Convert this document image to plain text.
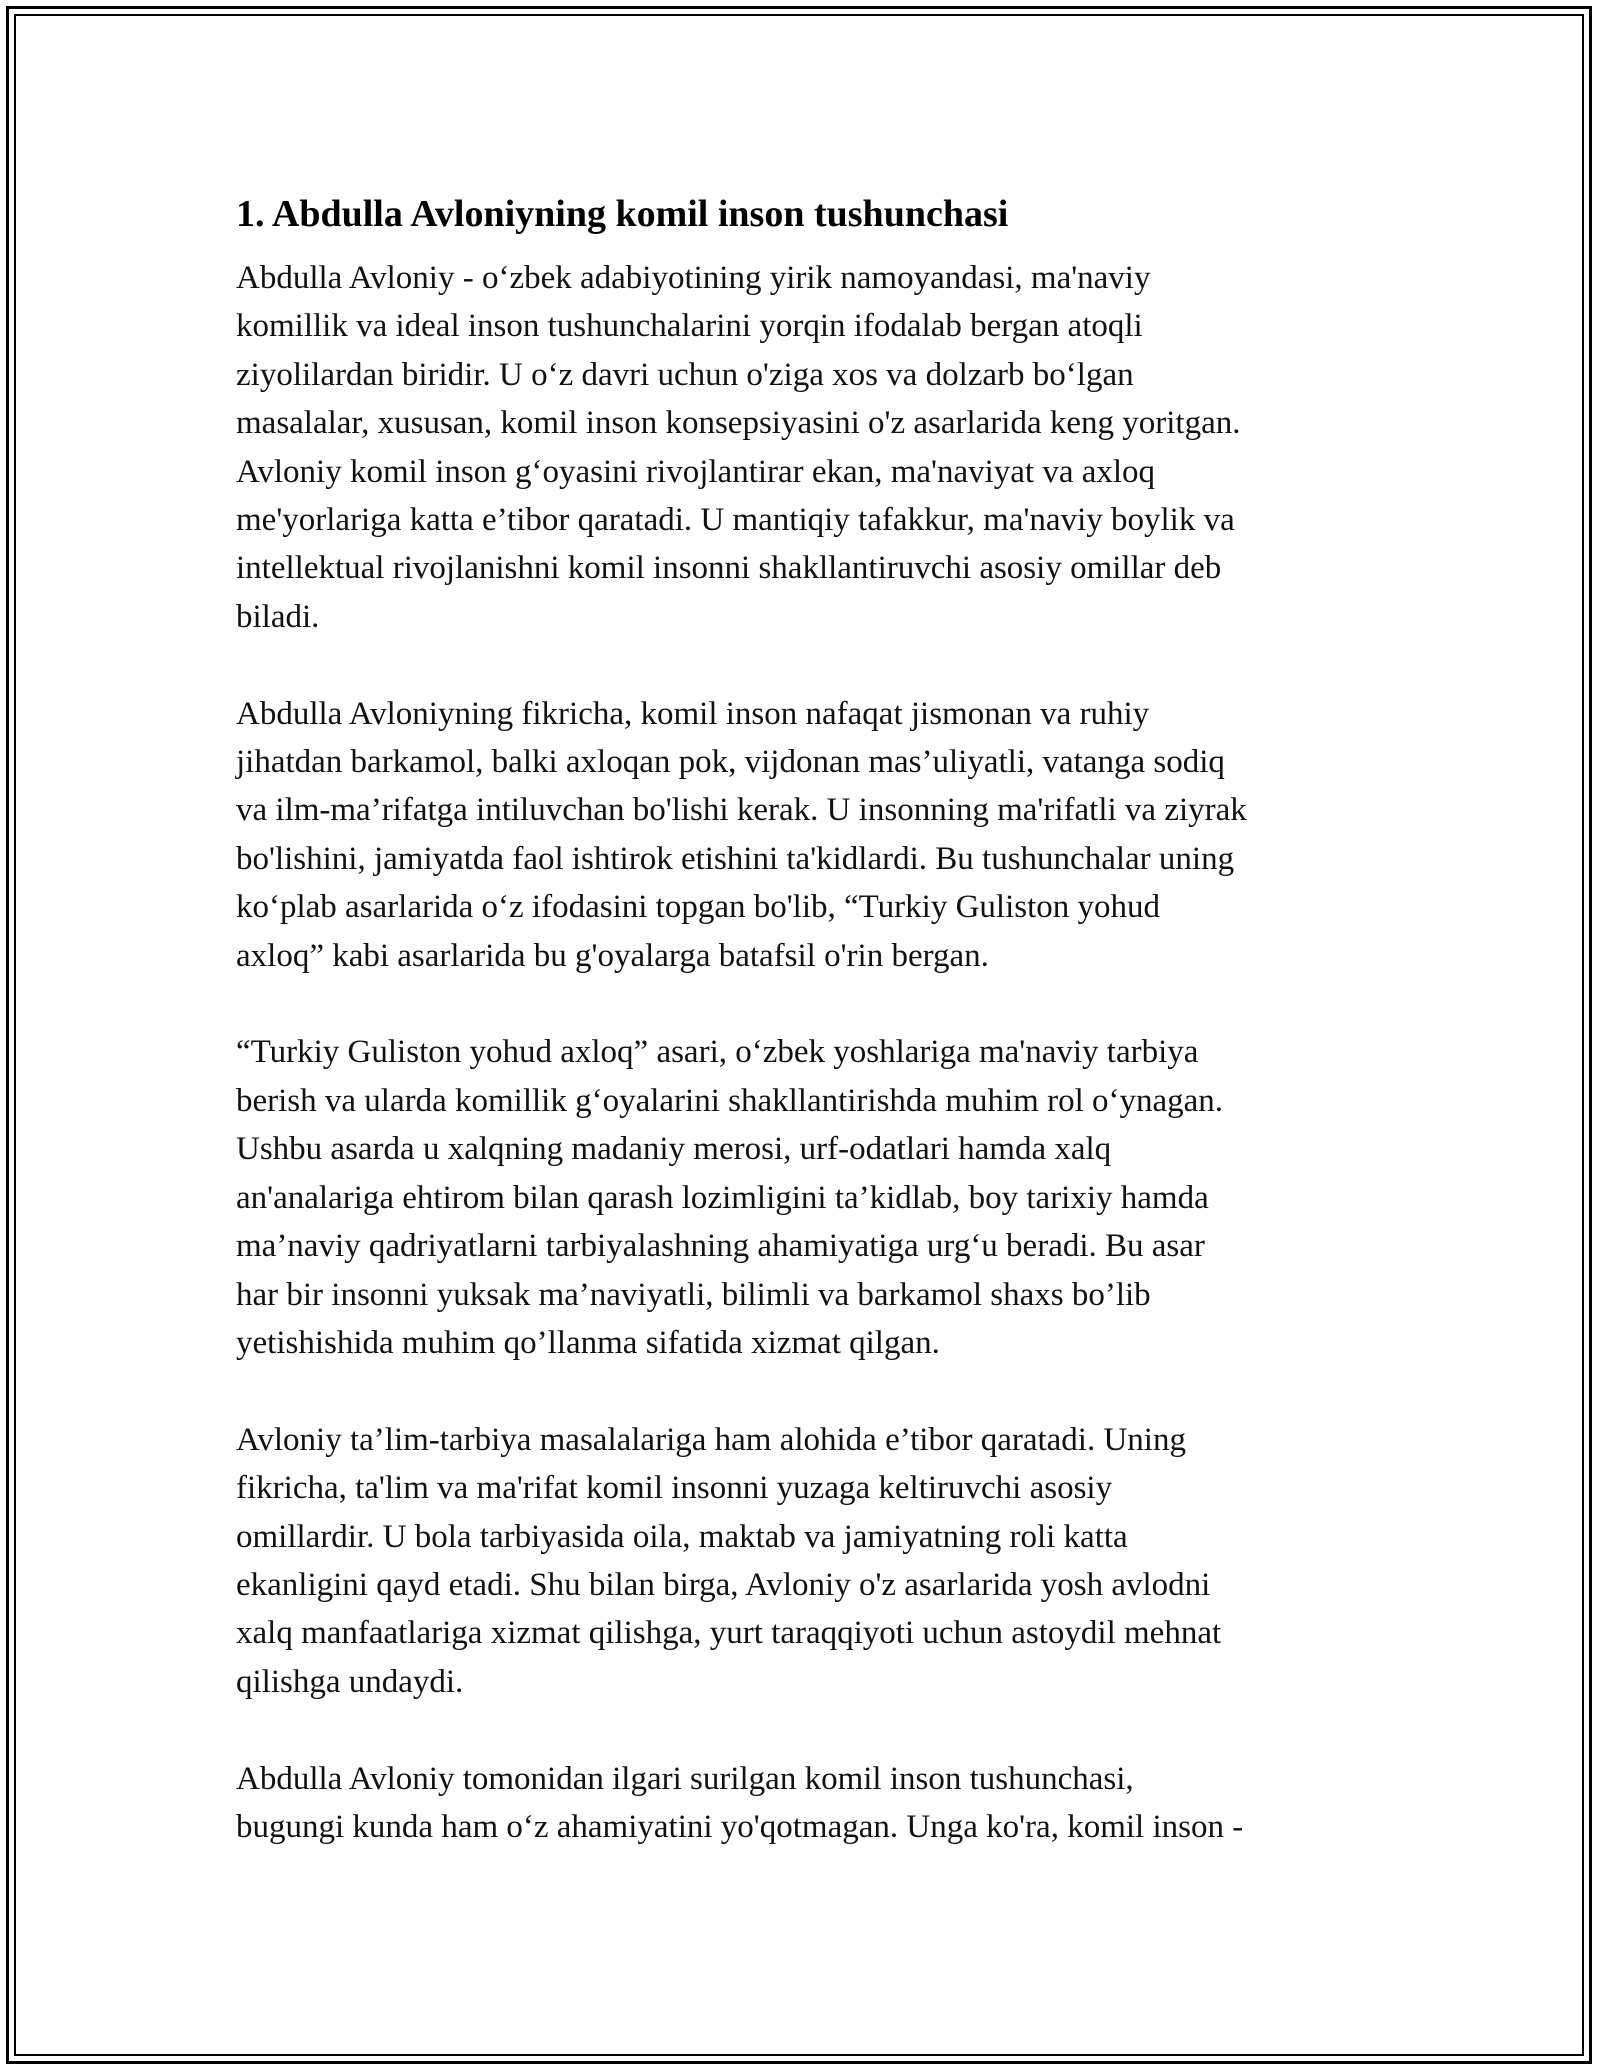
1. Abdulla Avloniyning komil inson tushunchasi

Abdulla Avloniy - o‘zbek adabiyotining yirik namoyandasi, ma'naviy
komillik va ideal inson tushunchalarini yorqin ifodalab bergan atoqli
ziyolilardan biridir. U o‘z davri uchun o'ziga xos va dolzarb bo‘lgan
masalalar, xususan, komil inson konsepsiyasini o'z asarlarida keng yoritgan.
Avloniy komil inson g‘oyasini rivojlantirar ekan, ma'naviyat va axloq
me'yorlariga katta e’tibor qaratadi. U mantiqiy tafakkur, ma'naviy boylik va
intellektual rivojlanishni komil insonni shakllantiruvchi asosiy omillar deb
biladi.

Abdulla Avloniyning fikricha, komil inson nafaqat jismonan va ruhiy
jihatdan barkamol, balki axloqan pok, vijdonan mas’uliyatli, vatanga sodiq
va ilm-ma’rifatga intiluvchan bo'lishi kerak. U insonning ma'rifatli va ziyrak
bo'lishini, jamiyatda faol ishtirok etishini ta'kidlardi. Bu tushunchalar uning
ko‘plab asarlarida o‘z ifodasini topgan bo'lib, “Turkiy Guliston yohud
axloq” kabi asarlarida bu g'oyalarga batafsil o'rin bergan.

“Turkiy Guliston yohud axloq” asari, o‘zbek yoshlariga ma'naviy tarbiya
berish va ularda komillik g‘oyalarini shakllantirishda muhim rol o‘ynagan.
Ushbu asarda u xalqning madaniy merosi, urf-odatlari hamda xalq
an'analariga ehtirom bilan qarash lozimligini ta’kidlab, boy tarixiy hamda
ma’naviy qadriyatlarni tarbiyalashning ahamiyatiga urg‘u beradi. Bu asar
har bir insonni yuksak ma’naviyatli, bilimli va barkamol shaxs bo’lib
yetishishida muhim qo’llanma sifatida xizmat qilgan.

Avloniy ta’lim-tarbiya masalalariga ham alohida e’tibor qaratadi. Uning
fikricha, ta'lim va ma'rifat komil insonni yuzaga keltiruvchi asosiy
omillardir. U bola tarbiyasida oila, maktab va jamiyatning roli katta
ekanligini qayd etadi. Shu bilan birga, Avloniy o'z asarlarida yosh avlodni
xalq manfaatlariga xizmat qilishga, yurt taraqqiyoti uchun astoydil mehnat
qilishga undaydi.

Abdulla Avloniy tomonidan ilgari surilgan komil inson tushunchasi,
bugungi kunda ham o‘z ahamiyatini yo'qotmagan. Unga ko'ra, komil inson -
